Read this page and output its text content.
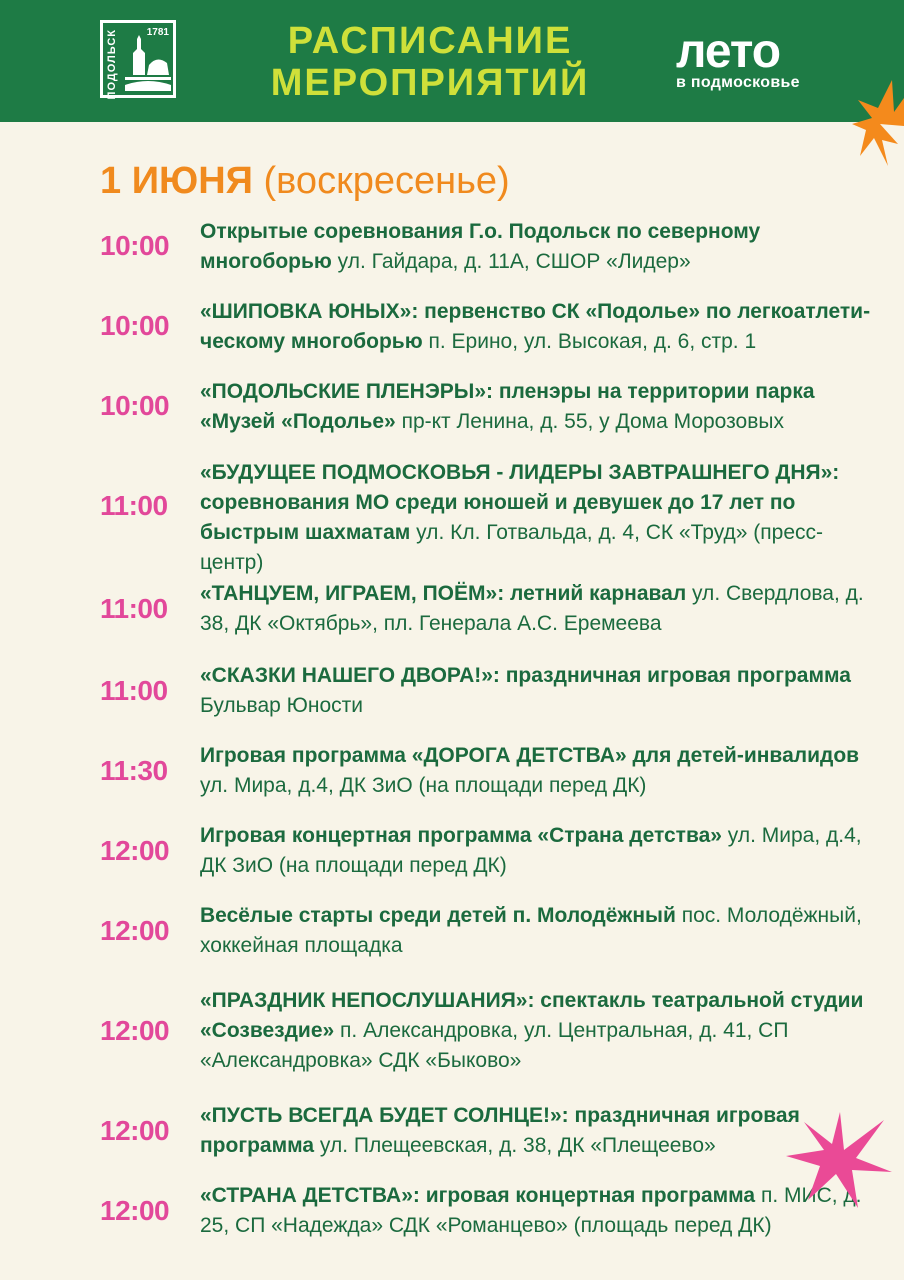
ПОДОЛЬСК	1781	РАСПИСАНИЕ
МЕРОПРИЯТИЙ
лето
в подмосковье
1 ИЮНЯ (воскресенье)
10:00 Открытые соревнования Г.о. Подольск по северному многоборью ул. Гайдара, д. 11А, СШОР «Лидер»
10:00 «ШИПОВКА ЮНЫХ»: первенство СК «Подолье» по легкоатлети-ческому многоборью п. Ерино, ул. Высокая, д. 6, стр. 1
10:00 «ПОДОЛЬСКИЕ ПЛЕНЭРЫ»: пленэры на территории парка «Музей «Подолье» пр-кт Ленина, д. 55, у Дома Морозовых
11:00
«БУДУЩЕЕ ПОДМОСКОВЬЯ - ЛИДЕРЫ ЗАВТРАШНЕГО ДНЯ»: соревнования МО среди юношей и девушек до 17 лет по быстрым шахматам ул. Кл. Готвальда, д. 4, СК «Труд» (пресс-центр)
11:00 «ТАНЦУЕМ, ИГРАЕМ, ПОЁМ»: летний карнавал ул. Свердлова, д. 38, ДК «Октябрь», пл. Генерала А.С. Еремеева
11:00 «СКАЗКИ НАШЕГО ДВОРА!»: праздничная игровая программа Бульвар Юности
11:30 Игровая программа «ДОРОГА ДЕТСТВА» для детей-инвалидов ул. Мира, д.4, ДК ЗиО (на площади перед ДК)
12:00 Игровая концертная программа «Страна детства» ул. Мира, д.4, ДК ЗиО (на площади перед ДК)
12:00 Весёлые старты среди детей п. Молодёжный пос. Молодёжный, хоккейная площадка
12:00
«ПРАЗДНИК НЕПОСЛУШАНИЯ»: спектакль театральной студии «Созвездие» п. Александровка, ул. Центральная, д. 41, СП «Александровка» СДК «Быково»
12:00 «ПУСТЬ ВСЕГДА БУДЕТ СОЛНЦЕ!»: праздничная игровая программа ул. Плещеевская, д. 38, ДК «Плещеево»
12:00 «СТРАНА ДЕТСТВА»: игровая концертная программа п. МИС, д. 25, СП «Надежда» СДК «Романцево» (площадь перед ДК)
